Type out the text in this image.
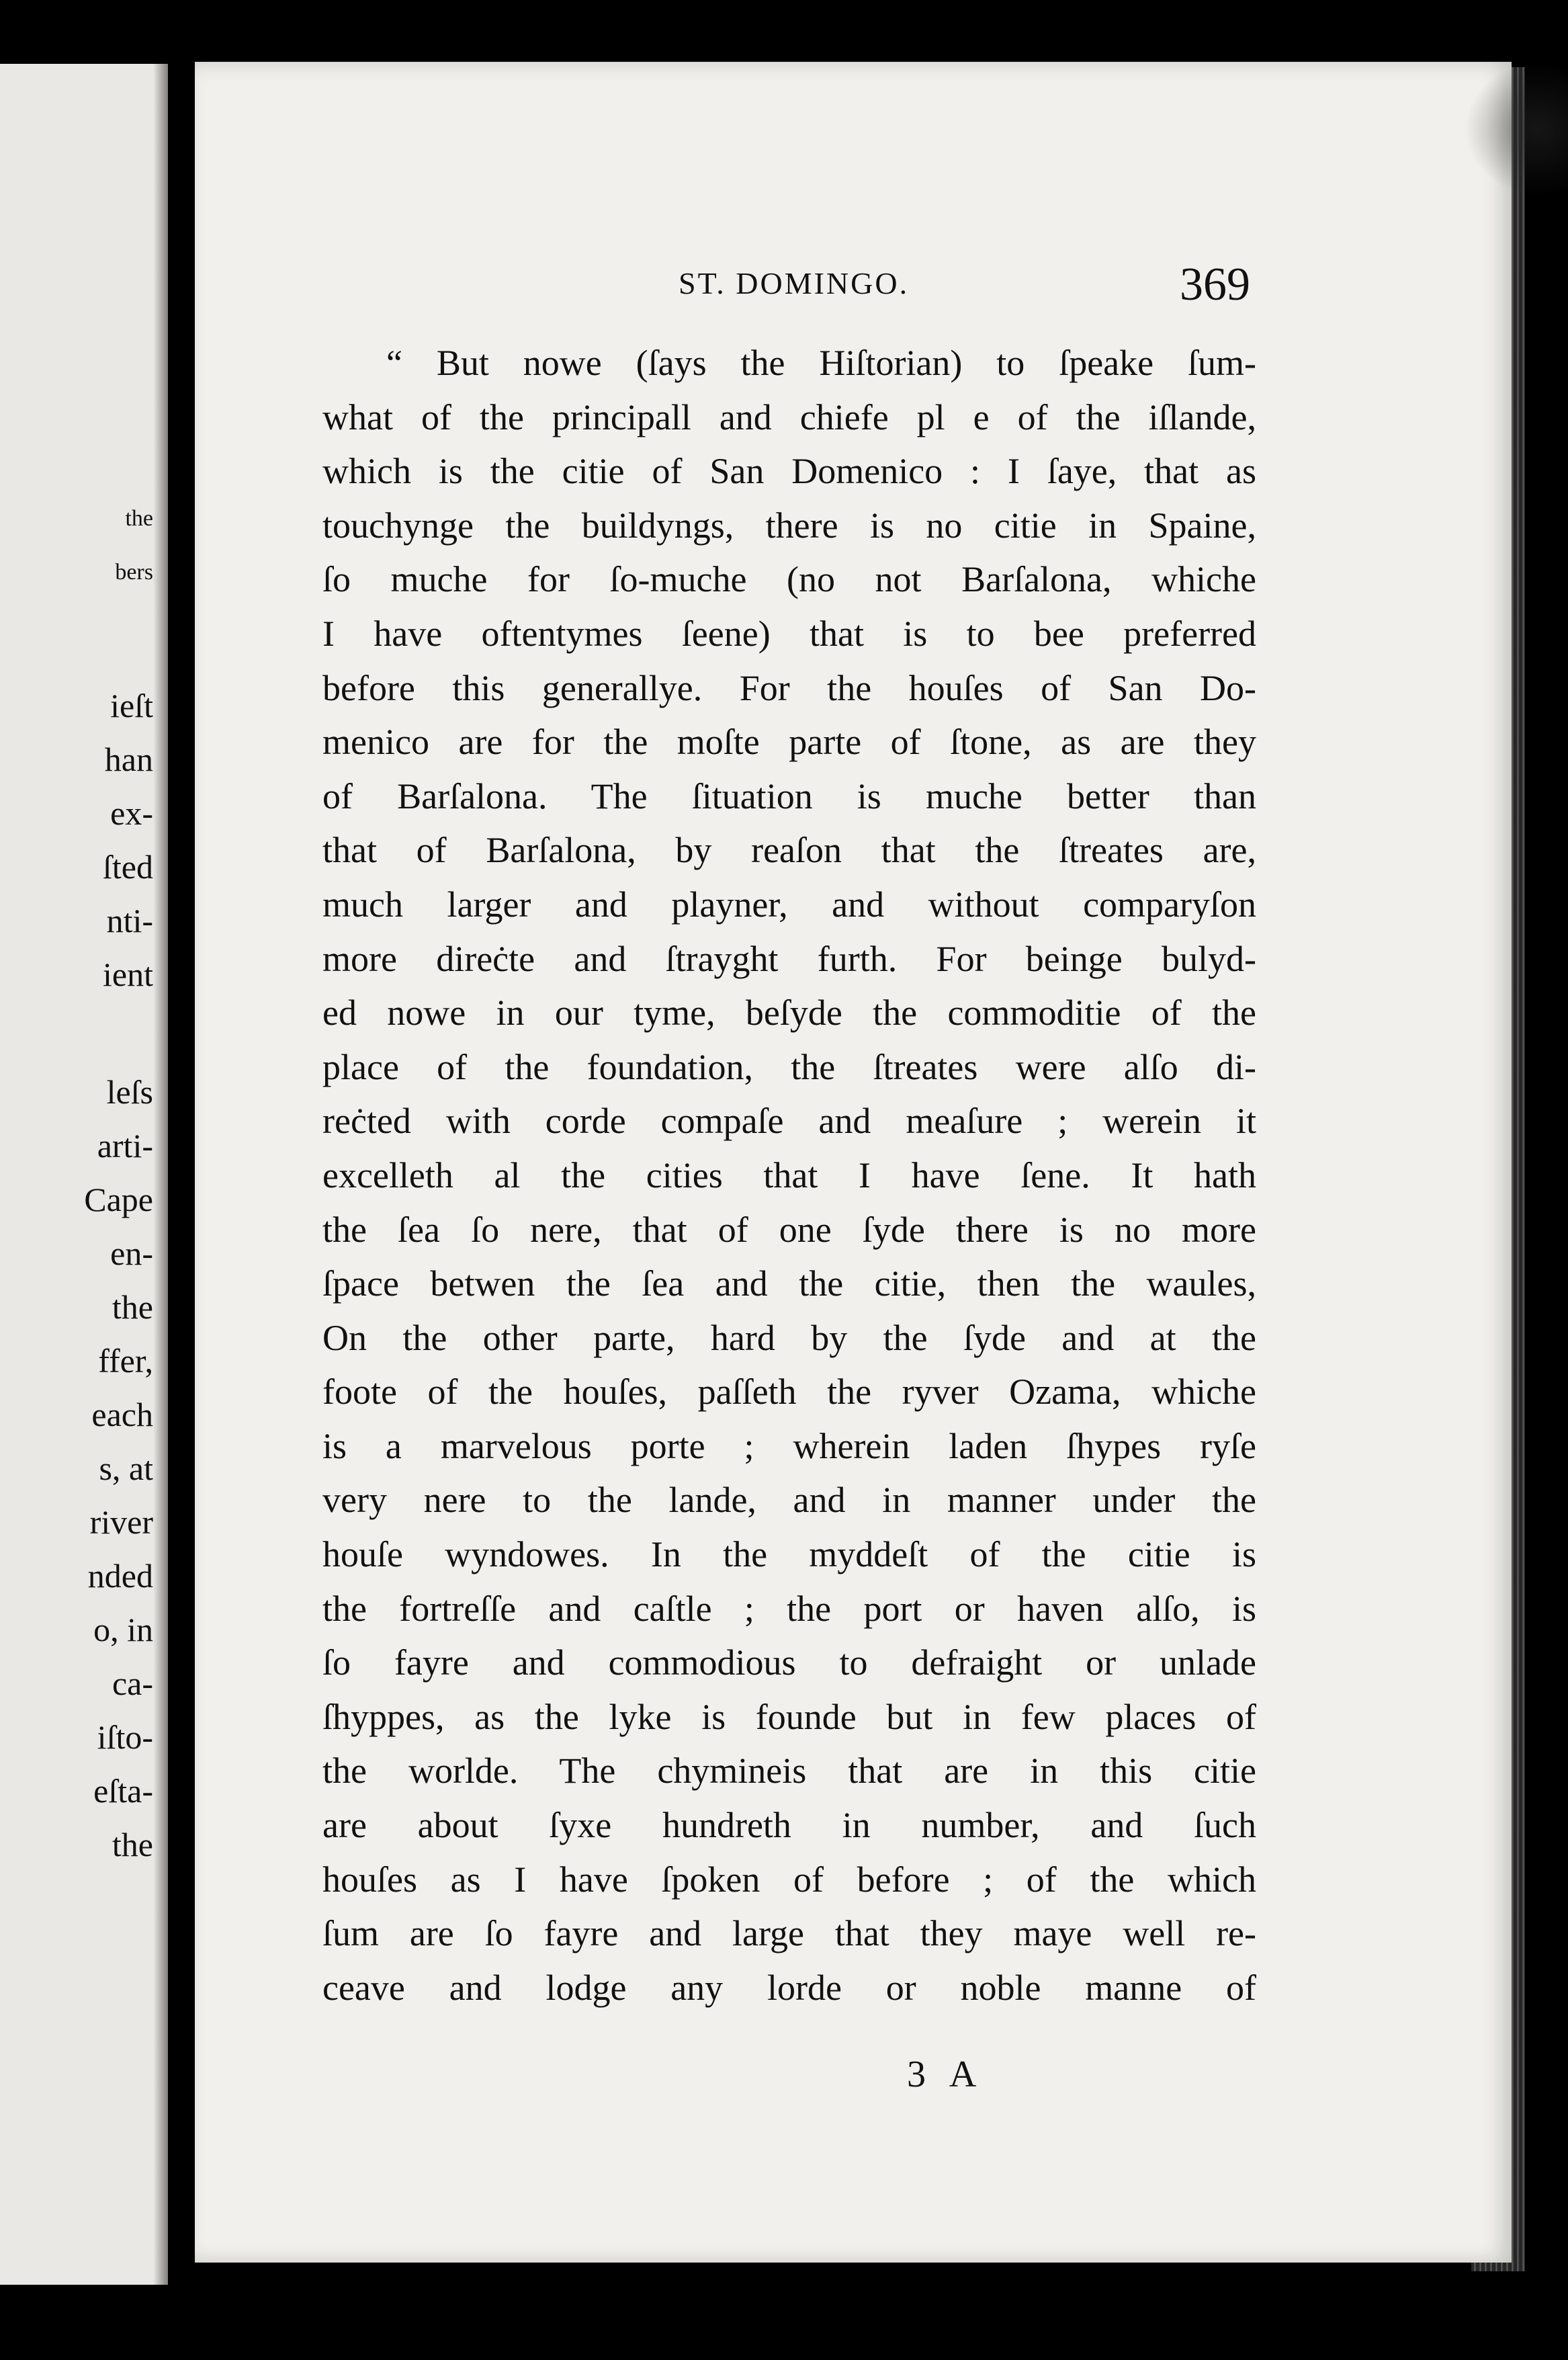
the
bers
ieſt
han
ex-
ſted
nti-
ient
leſs
arti-
Cape
en-
the
ffer,
each
s, at
river
nded
o, in
ca-
iſto-
eſta-
the
ST. DOMINGO.	369
“ But nowe (ſays the Hiſtorian) to ſpeake ſum-
what of the principall and chiefe pl e of the iſlande,
which is the citie of San Domenico : I ſaye, that as
touchynge the buildyngs, there is no citie in Spaine,
ſo muche for ſo-muche (no not Barſalona, whiche
I have oftentymes ſeene) that is to bee preferred
before this generallye. For the houſes of San Do-
menico are for the moſte parte of ſtone, as are they
of Barſalona. The ſituation is muche better than
that of Barſalona, by reaſon that the ſtreates are,
much larger and playner, and without comparyſon
more direċte and ſtrayght furth. For beinge bulyd-
ed nowe in our tyme, beſyde the commoditie of the
place of the foundation, the ſtreates were alſo di-
reċted with corde compaſe and meaſure ; werein it
excelleth al the cities that I have ſene. It hath
the ſea ſo nere, that of one ſyde there is no more
ſpace betwen the ſea and the citie, then the waules,
On the other parte, hard by the ſyde and at the
foote of the houſes, paſſeth the ryver Ozama, whiche
is a marvelous porte ; wherein laden ſhypes ryſe
very nere to the lande, and in manner under the
houſe wyndowes. In the myddeſt of the citie is
the fortreſſe and caſtle ; the port or haven alſo, is
ſo fayre and commodious to defraight or unlade
ſhyppes, as the lyke is founde but in few places of
the worlde. The chymineis that are in this citie
are about ſyxe hundreth in number, and ſuch
houſes as I have ſpoken of before ; of the which
ſum are ſo fayre and large that they maye well re-
ceave and lodge any lorde or noble manne of
3 A
